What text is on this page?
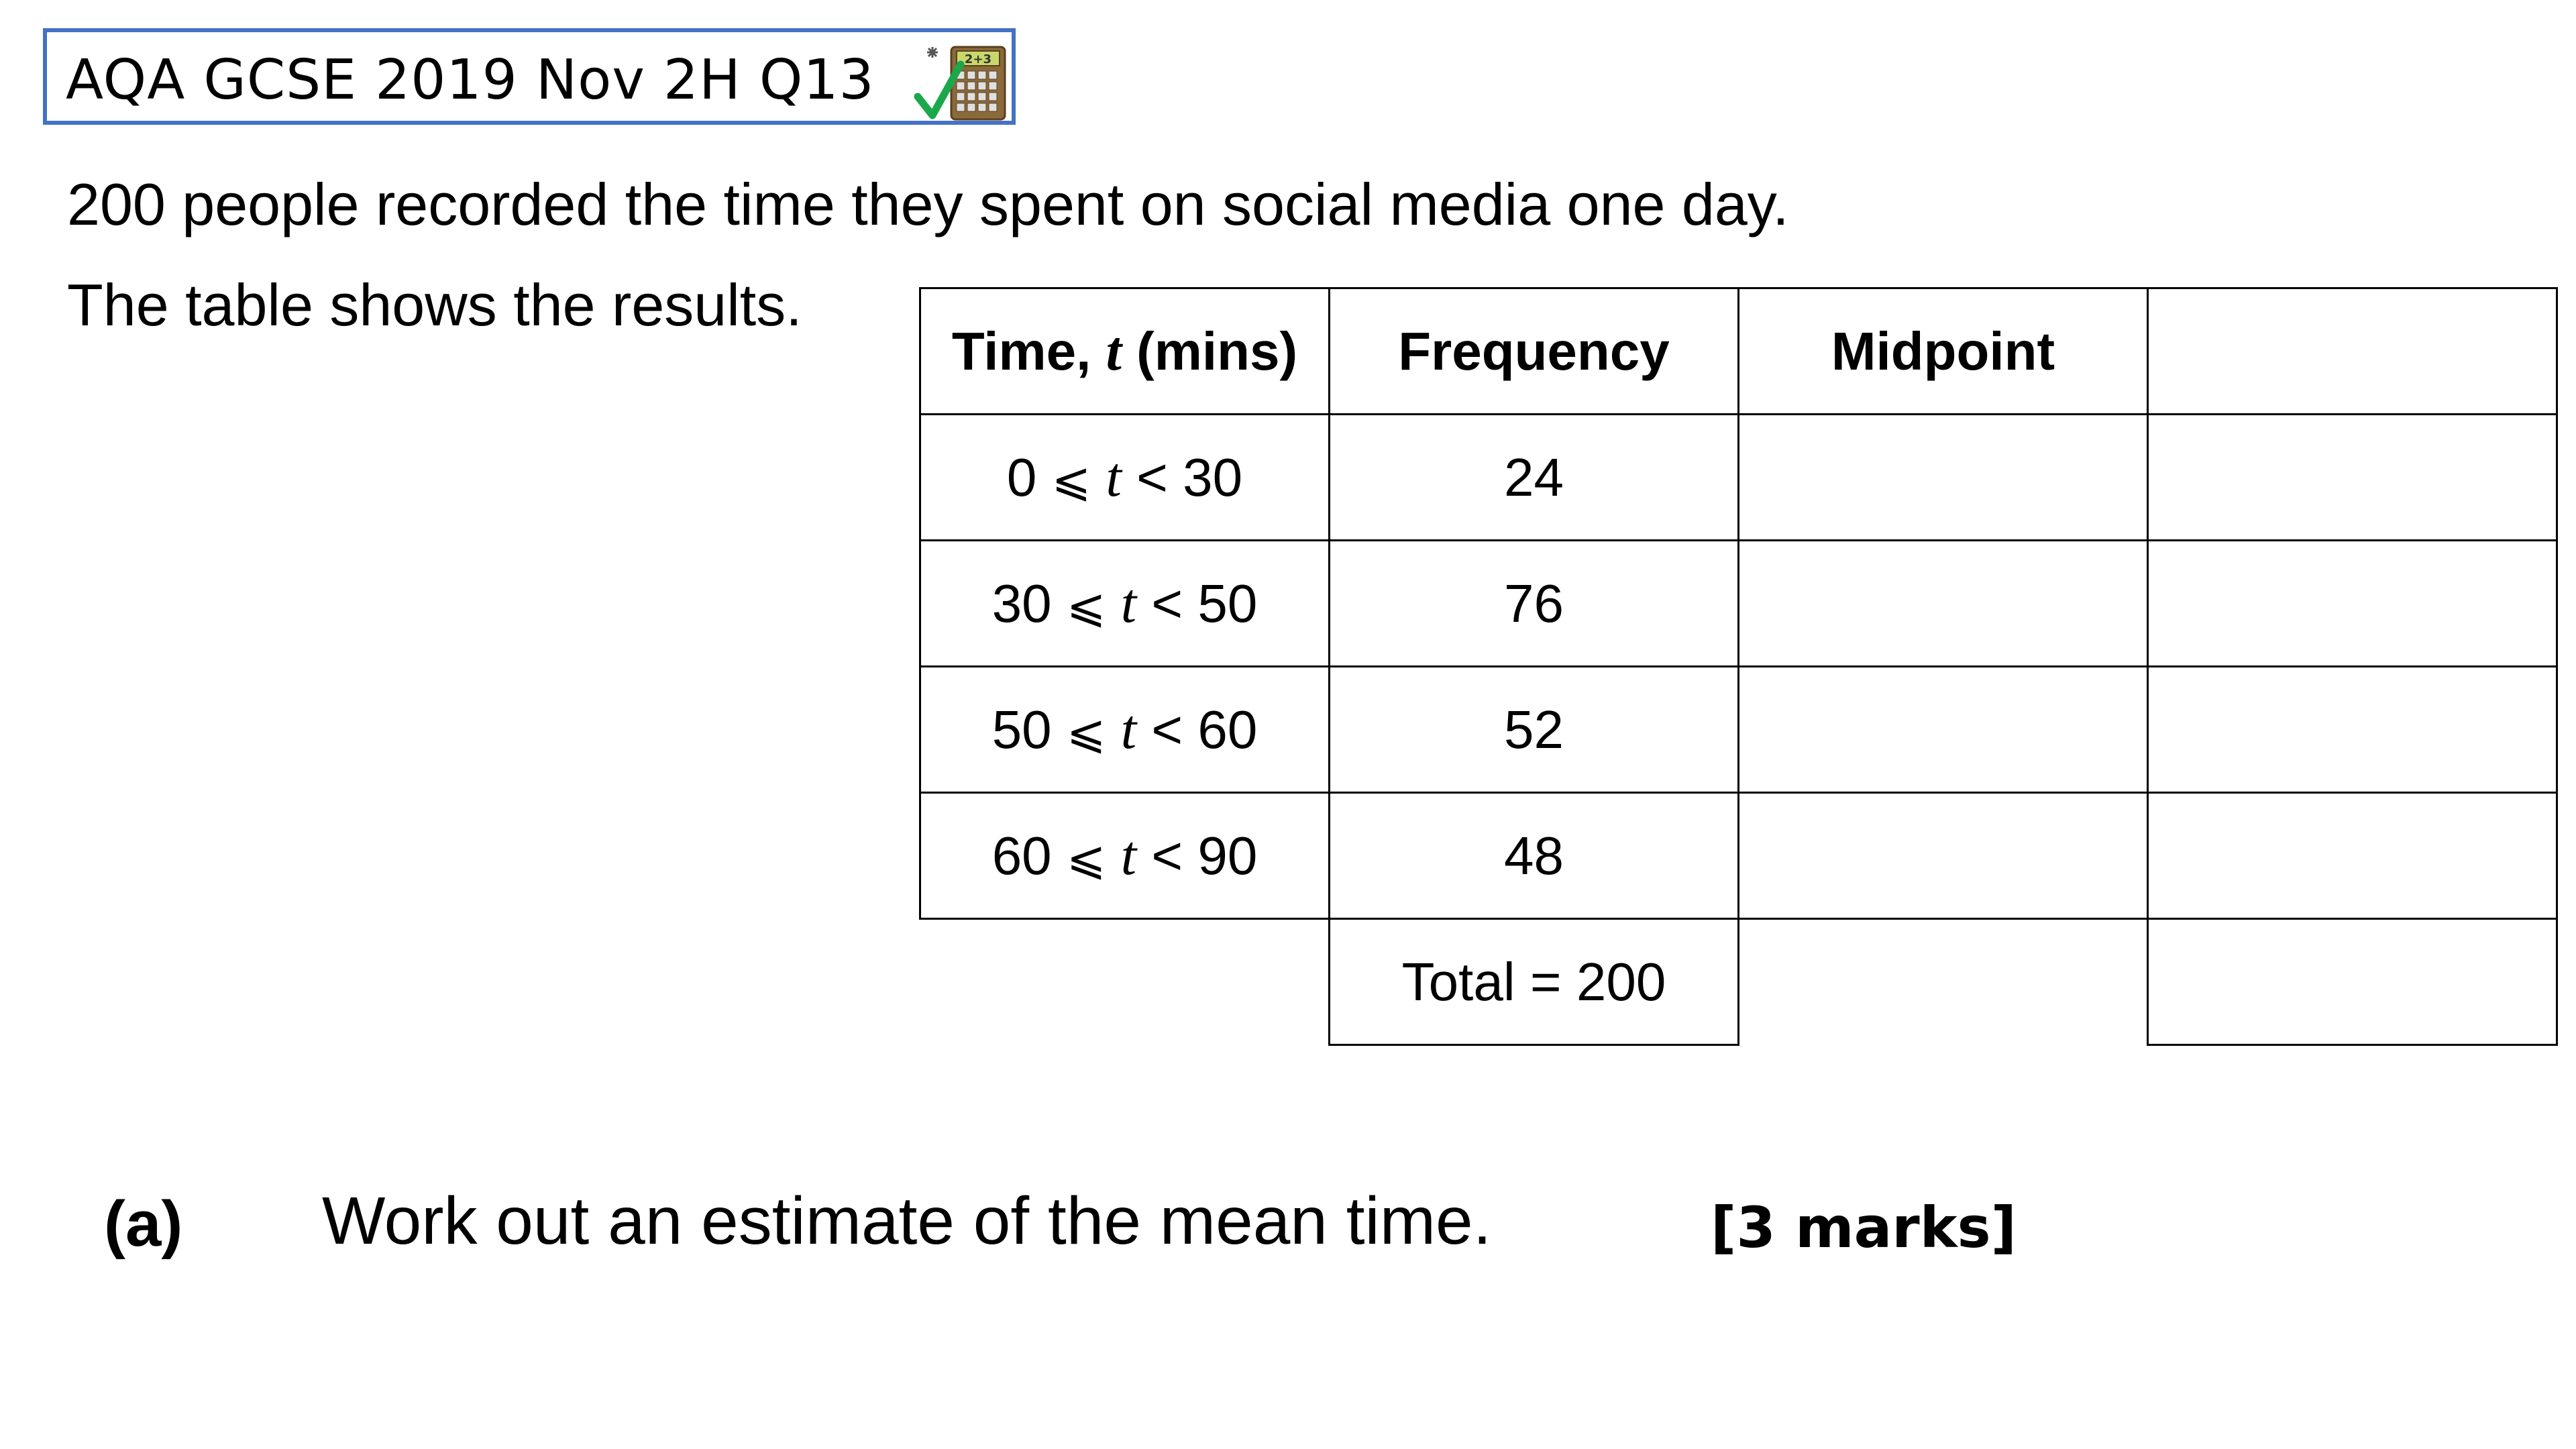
AQA GCSE 2019 Nov 2H Q13	2+3
200 people recorded the time they spent on social media one day.
The table shows the results.
Time, t (mins)	Frequency	Midpoint	
0 ⩽ t < 30	24		
30 ⩽ t < 50	76		
50 ⩽ t < 60	52		
60 ⩽ t < 90	48		
	Total = 200		
(a) Work out an estimate of the mean time.	[3 marks]
